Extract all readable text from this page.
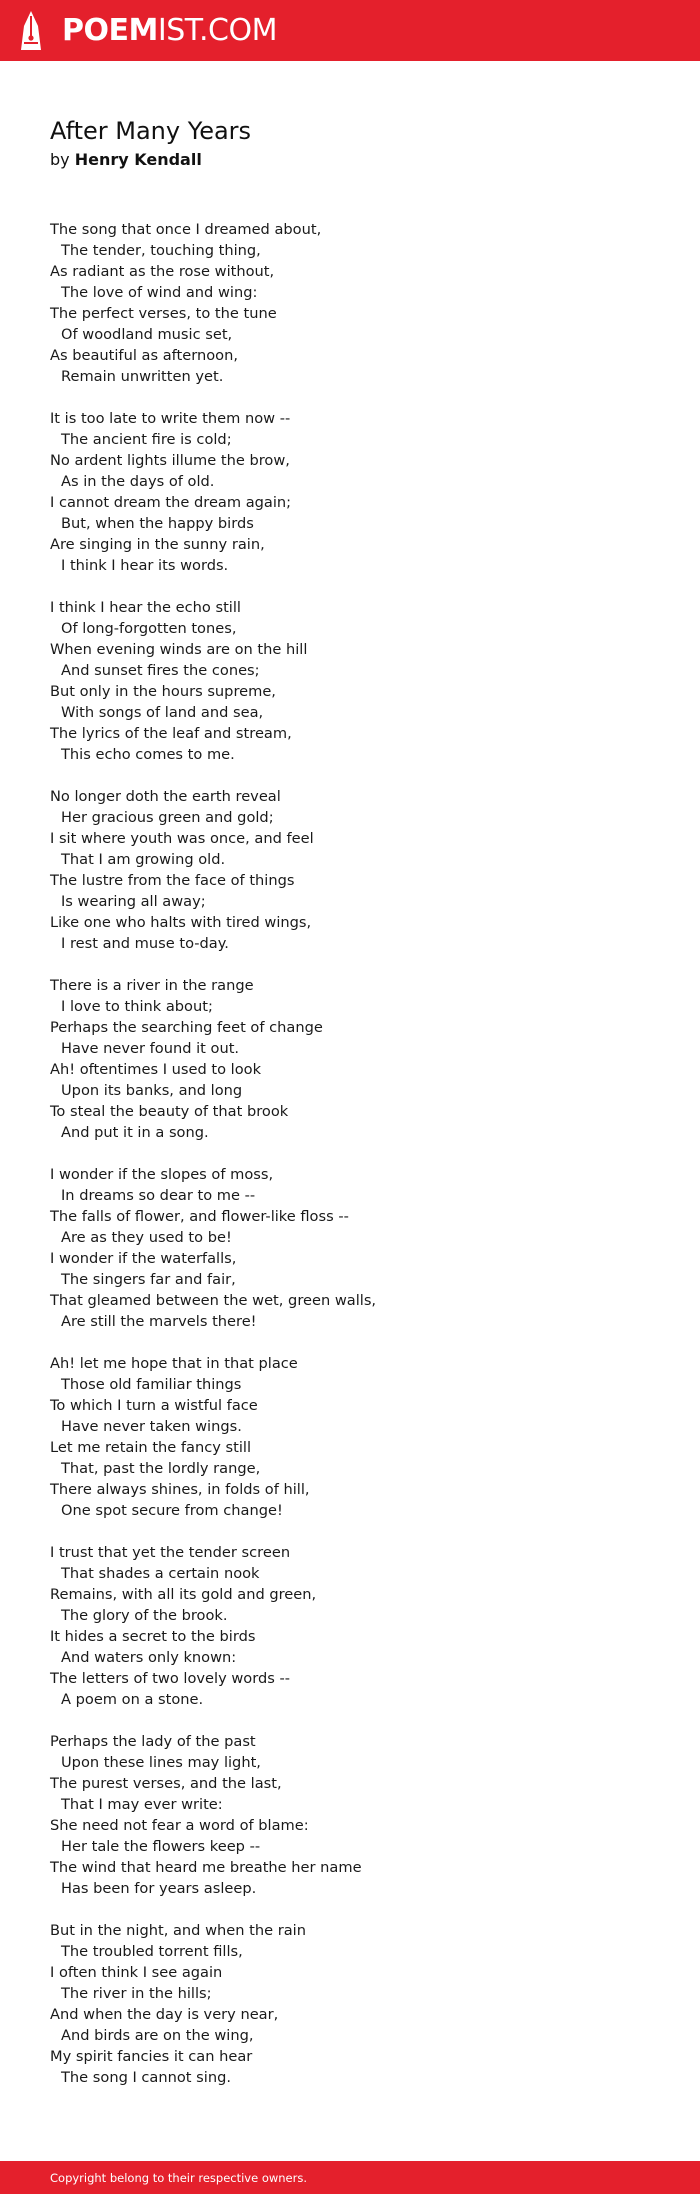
POEMIST.COM
After Many Years
by Henry Kendall
The song that once I dreamed about,
The tender, touching thing,
As radiant as the rose without,
The love of wind and wing:
The perfect verses, to the tune
Of woodland music set,
As beautiful as afternoon,
Remain unwritten yet.
It is too late to write them now --
The ancient fire is cold;
No ardent lights illume the brow,
As in the days of old.
I cannot dream the dream again;
But, when the happy birds
Are singing in the sunny rain,
I think I hear its words.
I think I hear the echo still
Of long-forgotten tones,
When evening winds are on the hill
And sunset fires the cones;
But only in the hours supreme,
With songs of land and sea,
The lyrics of the leaf and stream,
This echo comes to me.
No longer doth the earth reveal
Her gracious green and gold;
I sit where youth was once, and feel
That I am growing old.
The lustre from the face of things
Is wearing all away;
Like one who halts with tired wings,
I rest and muse to-day.
There is a river in the range
I love to think about;
Perhaps the searching feet of change
Have never found it out.
Ah! oftentimes I used to look
Upon its banks, and long
To steal the beauty of that brook
And put it in a song.
I wonder if the slopes of moss,
In dreams so dear to me --
The falls of flower, and flower-like floss --
Are as they used to be!
I wonder if the waterfalls,
The singers far and fair,
That gleamed between the wet, green walls,
Are still the marvels there!
Ah! let me hope that in that place
Those old familiar things
To which I turn a wistful face
Have never taken wings.
Let me retain the fancy still
That, past the lordly range,
There always shines, in folds of hill,
One spot secure from change!
I trust that yet the tender screen
That shades a certain nook
Remains, with all its gold and green,
The glory of the brook.
It hides a secret to the birds
And waters only known:
The letters of two lovely words --
A poem on a stone.
Perhaps the lady of the past
Upon these lines may light,
The purest verses, and the last,
That I may ever write:
She need not fear a word of blame:
Her tale the flowers keep --
The wind that heard me breathe her name
Has been for years asleep.
But in the night, and when the rain
The troubled torrent fills,
I often think I see again
The river in the hills;
And when the day is very near,
And birds are on the wing,
My spirit fancies it can hear
The song I cannot sing.
Copyright belong to their respective owners.
